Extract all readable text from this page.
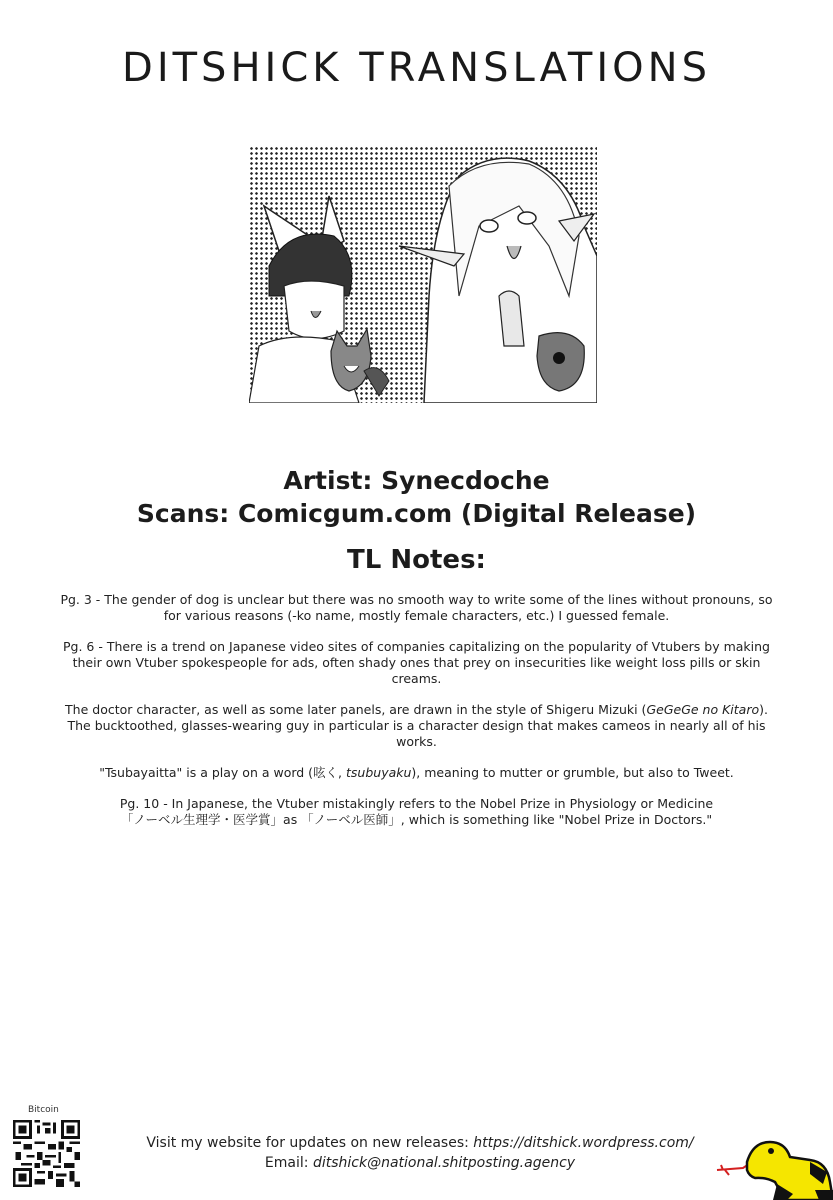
DITSHICK TRANSLATIONS
Artist: Synecdoche
Scans: Comicgum.com (Digital Release)
TL Notes:

Pg. 3 - The gender of dog is unclear but there was no smooth way to write some of the lines without pronouns, so for various reasons (-ko name, mostly female characters, etc.) I guessed female.

Pg. 6 - There is a trend on Japanese video sites of companies capitalizing on the popularity of Vtubers by making their own Vtuber spokespeople for ads, often shady ones that prey on insecurities like weight loss pills or skin creams.

The doctor character, as well as some later panels, are drawn in the style of Shigeru Mizuki (GeGeGe no Kitaro). The bucktoothed, glasses-wearing guy in particular is a character design that makes cameos in nearly all of his works.

"Tsubayaitta" is a play on a word (呟く, tsubuyaku), meaning to mutter or grumble, but also to Tweet.

Pg. 10 - In Japanese, the Vtuber mistakingly refers to the Nobel Prize in Physiology or Medicine
「ノーベル生理学・医学賞」as 「ノーベル医師」, which is something like "Nobel Prize in Doctors."

Bitcoin
Visit my website for updates on new releases: https://ditshick.wordpress.com/
Email: ditshick@national.shitposting.agency
